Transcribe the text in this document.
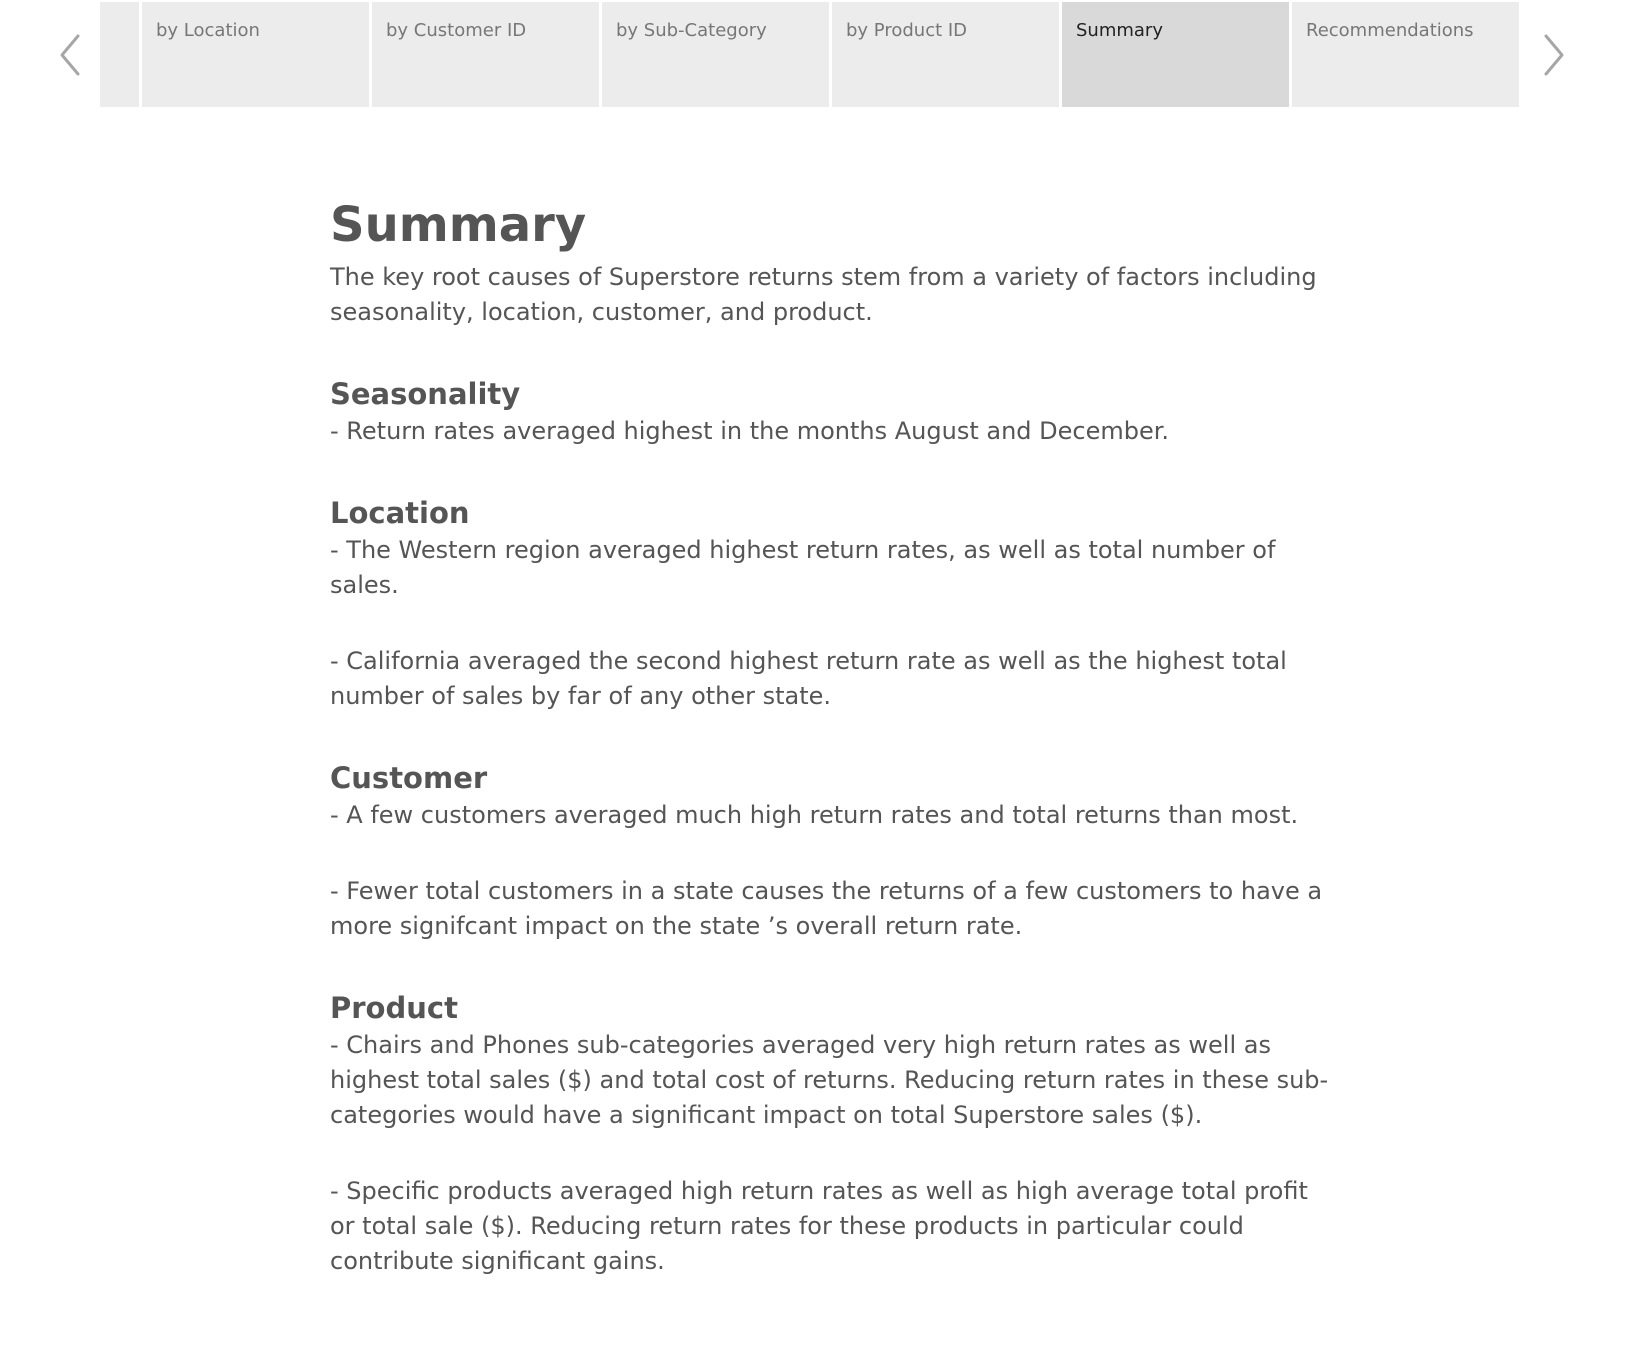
by Location	by Customer ID	by Sub-Category	by Product ID	Summary	Recommendations
Summary

The key root causes of Superstore returns stem from a variety of factors including seasonality, location, customer, and product.

Seasonality

- Return rates averaged highest in the months August and December.

Location

- The Western region averaged highest return rates, as well as total number of sales.

- California averaged the second highest return rate as well as the highest total number of sales by far of any other state.

Customer

- A few customers averaged much high return rates and total returns than most.

- Fewer total customers in a state causes the returns of a few customers to have a more signifcant impact on the state ’s overall return rate.

Product

- Chairs and Phones sub-categories averaged very high return rates as well as highest total sales ($) and total cost of returns. Reducing return rates in these sub-categories would have a significant impact on total Superstore sales ($).

- Specific products averaged high return rates as well as high average total profit or total sale ($). Reducing return rates for these products in particular could contribute significant gains.
